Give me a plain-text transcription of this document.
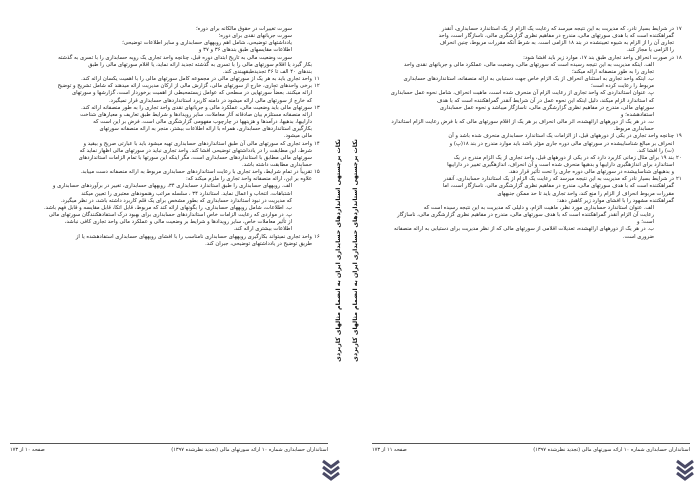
سورت تغییرات در حقوق مالکانه برای دوره؛
سورت جریانهای نقدی برای دوره؛
یادداشتهای توضیحی، شامل اهم رویههای حسابداری و سایر اطلاعات توضیحی؛
اطلاعات مقایسهای طبق بندهای ۳۶ و ۳۷ و
سورت وضعیت مالی به تاریخ ابتدای دوره قبل، چنانچه واحد تجاری یک رویه حسابداری را با تسری به گذشته
بکار گیرد یا اقلام سورتهای مالی را با تسری به گذشته تجدید ارائه نماید، یا اقلام سورتهای مالی را طبق
بندهای ۴۰ الف تا ۴۶ تجدیدطبقهبندی کند.
۱۱
واحد تجاری باید به هر یک از سورتهای مالی در مجموعه کامل سورتهای مالی را با اهمیت یکسان ارائه کند.
۱۲
برخی واحدهای تجاری، خارج از سورتهای مالی، گزارش مالی از ارکان مدیریت ارائه میدهند که شامل تشریح و توضیح
ارائه میکنند. بعضاً سورتهایی در سطحی که عوامل زیستمحیطی از اهمیت برخوردار است، گزارشها و سورتهای
که خارج از سورتهای مالی ارائه میشود در دامنه کاربرد استانداردهای حسابداری قرار نمیگیرد.
۱۳
سورتهای مالی باید وضعیت مالی، عملکرد مالی و جریانهای نقدی واحد تجاری را به طور منصفانه ارائه کند.
ارائه منصفانه مستلزم بیان صادقانه آثار معاملات، سایر رویدادها و شرایط طبق تعاریف و معیارهای شناخت
داراییها، بدهیها، درآمدها و هزینهها در چارچوب مفهومی گزارشگری مالی است. فرض بر این است که
بکارگیری استانداردهای حسابداری، همراه با ارائه اطلاعات بیشتر، منجر به ارائه منصفانه سورتهای
مالی میشود.
۱۴
واحد تجاری که سورتهای مالی آن طبق استانداردهای حسابداری تهیه میشود باید با عبارتی صریح و بیقید و
شرط، این مطابقت را در یادداشتهای توضیحی افشا کند. واحد تجاری نباید در سورتهای مالی اظهار نماید که
سورتهای مالی مطابق با استانداردهای حسابداری است، مگر اینکه این سورتها با تمام الزامات استانداردهای
حسابداری مطابقت داشته باشد.
۱۵
تقریباً در تمام شرایط، واحد تجاری با رعایت استانداردهای حسابداری مربوط به ارائه منصفانه دست مییابد.
علاوه بر این، ارائه منصفانه واحد تجاری را ملزم میکند که:
الف. رویههای حسابداری را طبق استاندارد حسابداری ۳۴، رویههای حسابداری، تغییر در برآوردهای حسابداری و
اشتباهات، انتخاب و اعمال نماید. استاندارد ۳۴ ، سلسله مراتب رهنمودهای معتبری را تعیین میکند
که مدیریت در نبود استاندارد حسابداری که بطور مشخص برای یک قلم کاربرد داشته باشد، در نظر میگیرد.
ب. اطلاعات، شامل رویههای حسابداری، را بگونهای ارائه کند که مربوط، قابل اتکا، قابل مقایسه و قابل فهم باشد.
پ. در مواردی که رعایت الزامات خاص استانداردهای حسابداری برای بهبود درک استفادهکنندگان سورتهای مالی
از تأثیر معاملات خاص، سایر رویدادها و شرایط بر وضعیت مالی و عملکرد مالی واحد تجاری کافی نباشد،
اطلاعات بیشتری ارائه کند.
۱۶
واحد تجاری نمیتواند بکارگیری رویههای حسابداری نامناسب را با افشای رویههای حسابداری استفادهشده یا از
طریق توضیح در یادداشتهای توضیحی، جبران کند.
استانداران حسابداری شماره ۱۰ ارائه سورتهای مالی (تجدید نظرشده ۱۳۹۷)
صفحه ۱۰ از ۱۷۳
نکات برجستهی استانداردهای حسابداری ایران به انضمام مثالهای کاربردی نکات برجستهی استانداردهای حسابداری ایران به انضمام مثالهای کاربردی
۱۷
در شرایط بسیار نادر، که مدیریت به این نتیجه میرسد که رعایت یک الزام از یک استاندارد حسابداری، آنقدر
گمراهکننده است که با هدف سورتهای مالی، مندرج در مفاهیم نظری گزارشگری مالی، ناسازگار است، واحد
تجاری آن را از الزام به شیوه تعیینشده در بند ۱۸ الزامی است. به شرط آنکه مقررات مربوط، چنین انحراف
را الزامی یا مجاز کند.
۱۸
در صورت انحراف واحد تجاری طبق بند ۱۷، موارد زیر باید افشا شود:
الف. اینکه مدیریت به این نتیجه رسیده است که سورتهای مالی، وضعیت مالی، عملکرد مالی و جریانهای نقدی واحد
تجاری را به طور منصفانه ارائه میکند؛
ب. اینکه واحد تجاری به استثنای انحراف از یک الزام خاص جهت دستیابی به ارائه منصفانه، استانداردهای حسابداری
مربوط را رعایت کرده است؛
پ. عنوان استانداردی که واحد تجاری از رعایت الزام آن منحرف شده است، ماهیت انحراف، شامل نحوه عمل حسابداری
که استاندارد الزام میکند، دلیل اینکه این نحوه عمل در آن شرایط آنقدر گمراهکننده است که با هدف
سورتهای مالی، مندرج در مفاهیم نظری گزارشگری مالی، ناسازگار میباشد و نحوه عمل حسابداری
استفادهشده؛ و
ت. در هر یک از دورههای ارائهشده، اثر مالی انحراف بر هر یک از اقلام سورتهای مالی که با فرض رعایت الزام استاندارد
حسابداری مربوط.
۱۹
چنانچه واحد تجاری در یکی از دورههای قبل، از الزامات یک استاندارد حسابداری منحرف شده باشد و آن
انحراف بر مبالغ شناساییشده در سورتهای مالی دوره جاری مؤثر باشد باید موارد مندرج در بند ۱۸(پ) و
(ت) را افشا کند.
۲۰
بند ۱۹ برای مثال زمانی کاربرد دارد که در یکی از دورههای قبل، واحد تجاری از یک الزام مندرج در یک
استاندارد برای اندازهگیری داراییها و بدهیها منحرف شده است و آن انحراف، اندازهگیری تغییر در داراییها
و بدهیهای شناساییشده در سورتهای مالی دوره جاری را تحت تأثیر قرار دهد.
۲۱
در شرایط بسیار نادر که مدیریت به این نتیجه میرسد که رعایت یک الزام از یک استاندارد حسابداری، آنقدر
گمراهکننده است که با هدف سورتهای مالی، مندرج در مفاهیم نظری گزارشگری مالی، ناسازگار است، اما
مقررات مربوط انحراف از الزام را منع کند، واحد تجاری باید تا حد ممکن جنبههای
گمراهکننده مشهود را با افشای موارد زیر کاهش دهد:
الف. عنوان استاندارد حسابداری مورد نظر، ماهیت الزام، و دلیلی که مدیریت به این نتیجه رسیده است که
رعایت آن الزام آنقدر گمراهکننده است که با هدف سورتهای مالی، مندرج در مفاهیم نظری گزارشگری مالی، ناسازگار
است؛ و
ب. در هر یک از دورههای ارائهشده، تعدیلات اقلامی از سورتهای مالی که از نظر مدیریت برای دستیابی به ارائه منصفانه
ضروری است.
استانداران حسابداری شماره ۱۰ ارائه سورتهای مالی (تجدید نظرشده ۱۳۹۷)
صفحه ۱۱ از ۱۷۳
